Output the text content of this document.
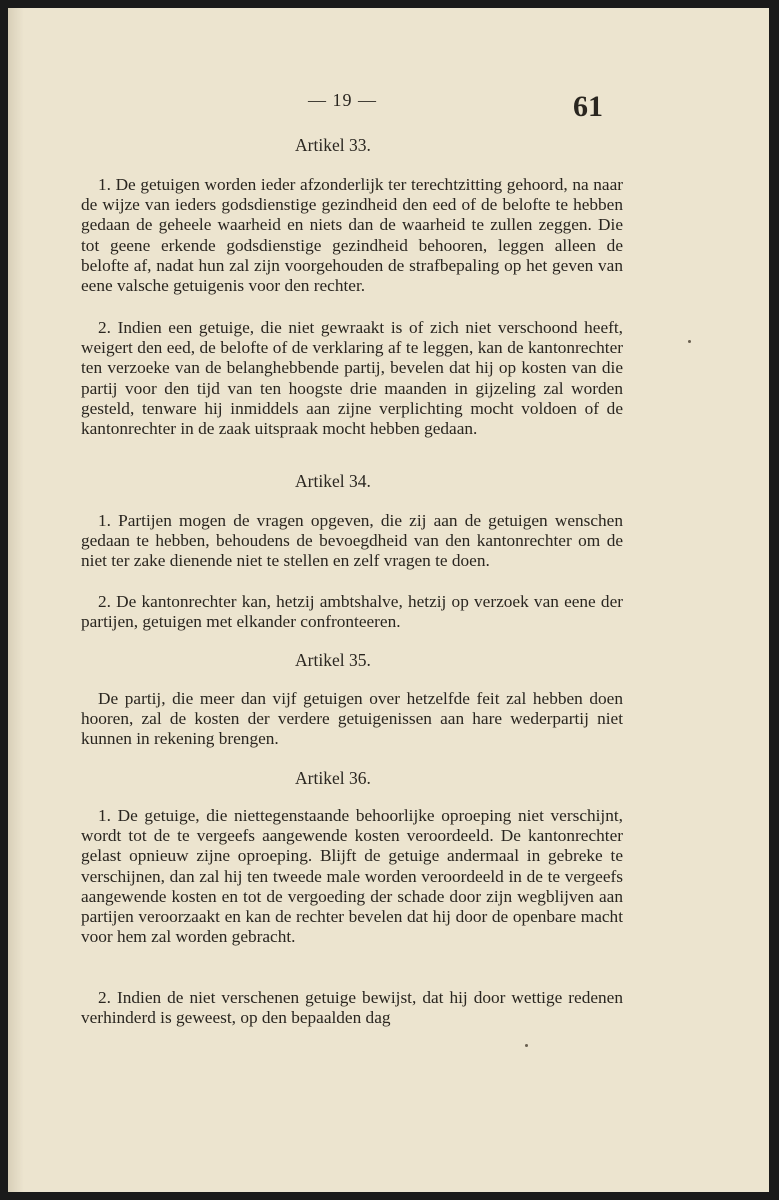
— 19 —	61
Artikel 33.

1. De getuigen worden ieder afzonderlijk ter terechtzitting gehoord, na naar de wijze van ieders godsdienstige gezindheid den eed of de belofte te hebben gedaan de geheele waarheid en niets dan de waarheid te zullen zeggen. Die tot geene erkende godsdienstige gezindheid behooren, leggen alleen de belofte af, nadat hun zal zijn voorgehouden de strafbepaling op het geven van eene valsche getuigenis voor den rechter.

2. Indien een getuige, die niet gewraakt is of zich niet verschoond heeft, weigert den eed, de belofte of de verklaring af te leggen, kan de kantonrechter ten verzoeke van de belanghebbende partij, bevelen dat hij op kosten van die partij voor den tijd van ten hoogste drie maanden in gijzeling zal worden gesteld, tenware hij inmiddels aan zijne verplichting mocht voldoen of de kantonrechter in de zaak uitspraak mocht hebben gedaan.

Artikel 34.

1. Partijen mogen de vragen opgeven, die zij aan de getuigen wenschen gedaan te hebben, behoudens de bevoegdheid van den kantonrechter om de niet ter zake dienende niet te stellen en zelf vragen te doen.

2. De kantonrechter kan, hetzij ambtshalve, hetzij op verzoek van eene der partijen, getuigen met elkander confronteeren.

Artikel 35.

De partij, die meer dan vijf getuigen over hetzelfde feit zal hebben doen hooren, zal de kosten der verdere getuigenissen aan hare wederpartij niet kunnen in rekening brengen.

Artikel 36.

1. De getuige, die niettegenstaande behoorlijke oproeping niet verschijnt, wordt tot de te vergeefs aangewende kosten veroordeeld. De kantonrechter gelast opnieuw zijne oproeping. Blijft de getuige andermaal in gebreke te verschijnen, dan zal hij ten tweede male worden veroordeeld in de te vergeefs aangewende kosten en tot de vergoeding der schade door zijn wegblijven aan partijen veroorzaakt en kan de rechter bevelen dat hij door de openbare macht voor hem zal worden gebracht.

2. Indien de niet verschenen getuige bewijst, dat hij door wettige redenen verhinderd is geweest, op den bepaalden dag
